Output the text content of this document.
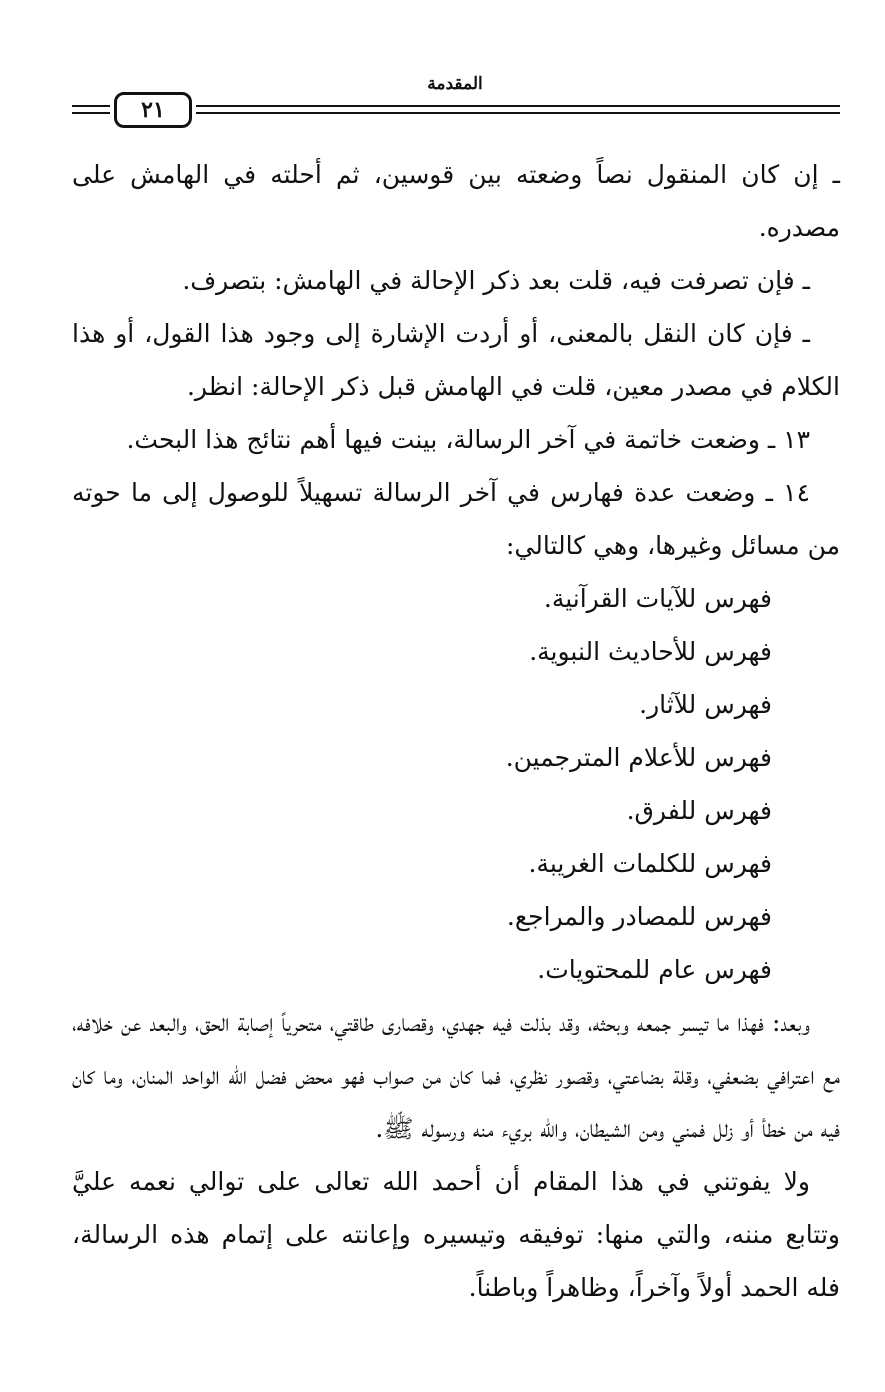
المقدمة
٢١

ـ إن كان المنقول نصاً وضعته بين قوسين، ثم أحلته في الهامش على مصدره.

ـ فإن تصرفت فيه، قلت بعد ذكر الإحالة في الهامش: بتصرف.

ـ فإن كان النقل بالمعنى، أو أردت الإشارة إلى وجود هذا القول، أو هذا الكلام في مصدر معين، قلت في الهامش قبل ذكر الإحالة: انظر.

١٣ ـ وضعت خاتمة في آخر الرسالة، بينت فيها أهم نتائج هذا البحث.

١٤ ـ وضعت عدة فهارس في آخر الرسالة تسهيلاً للوصول إلى ما حوته من مسائل وغيرها، وهي كالتالي:

فهرس للآيات القرآنية.
فهرس للأحاديث النبوية.
فهرس للآثار.
فهرس للأعلام المترجمين.
فهرس للفرق.
فهرس للكلمات الغريبة.
فهرس للمصادر والمراجع.
فهرس عام للمحتويات.

وبعد: فهذا ما تيسر جمعه وبحثه، وقد بذلت فيه جهدي، وقصارى طاقتي، متحرياً إصابة الحق، والبعد عن خلافه، مع اعترافي بضعفي، وقلة بضاعتي، وقصور نظري، فما كان من صواب فهو محض فضل الله الواحد المنان، وما كان فيه من خطأ أو زلل فمني ومن الشيطان، والله بريء منه ورسوله ﷺ.

ولا يفوتني في هذا المقام أن أحمد الله تعالى على توالي نعمه عليَّ وتتابع مننه، والتي منها: توفيقه وتيسيره وإعانته على إتمام هذه الرسالة، فله الحمد أولاً وآخراً، وظاهراً وباطناً.
